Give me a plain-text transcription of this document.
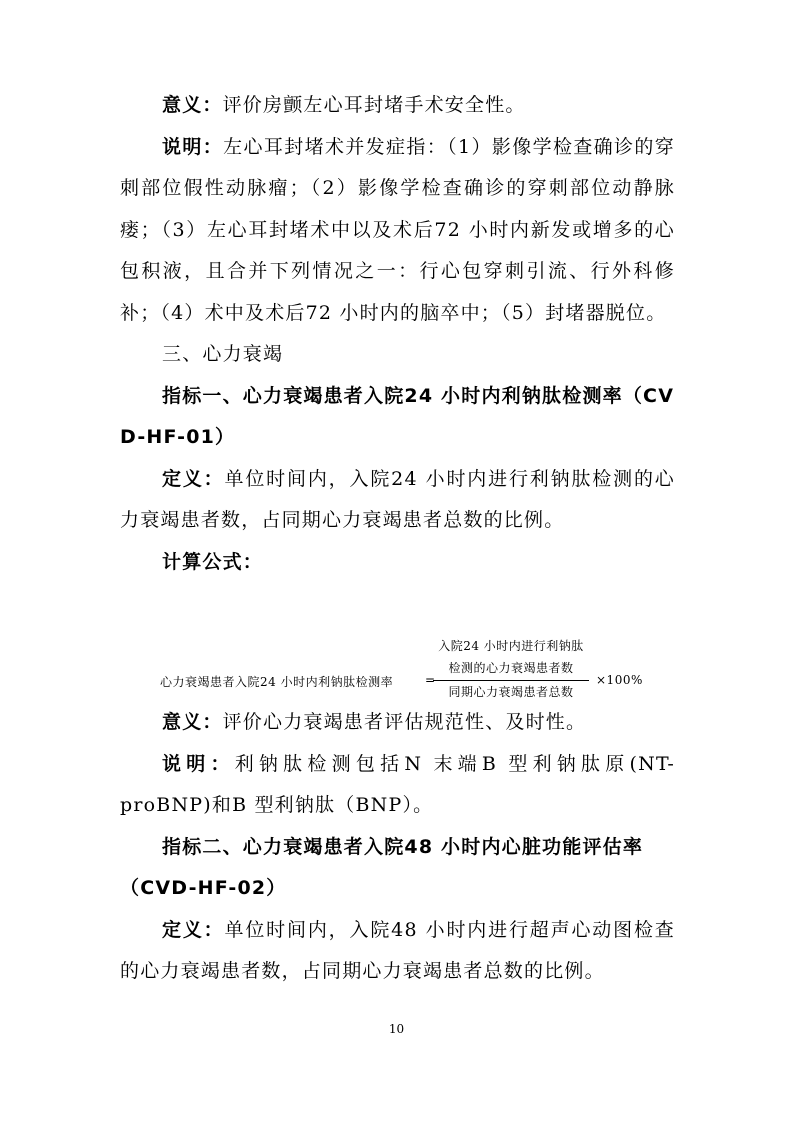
意义：评价房颤左心耳封堵手术安全性。

说明：左心耳封堵术并发症指：（1）影像学检查确诊的穿刺部位假性动脉瘤；（2）影像学检查确诊的穿刺部位动静脉瘘；（3）左心耳封堵术中以及术后72 小时内新发或增多的心包积液，且合并下列情况之一：行心包穿刺引流、行外科修补；（4）术中及术后72 小时内的脑卒中；（5）封堵器脱位。

三、心力衰竭

指标一、心力衰竭患者入院24 小时内利钠肽检测率（CVD-HF-01）

定义：单位时间内，入院24 小时内进行利钠肽检测的心力衰竭患者数，占同期心力衰竭患者总数的比例。

计算公式：

心力衰竭患者入院24 小时内利钠肽检测率	=
入院24 小时内进行利钠肽
检测的心力衰竭患者数
同期心力衰竭患者总数
×100%

意义：评价心力衰竭患者评估规范性、及时性。

说明：利钠肽检测包括N 末端B 型利钠肽原(NT-proBNP)和B 型利钠肽（BNP）。

指标二、心力衰竭患者入院48 小时内心脏功能评估率（CVD-HF-02）

定义：单位时间内，入院48 小时内进行超声心动图检查的心力衰竭患者数，占同期心力衰竭患者总数的比例。

10
